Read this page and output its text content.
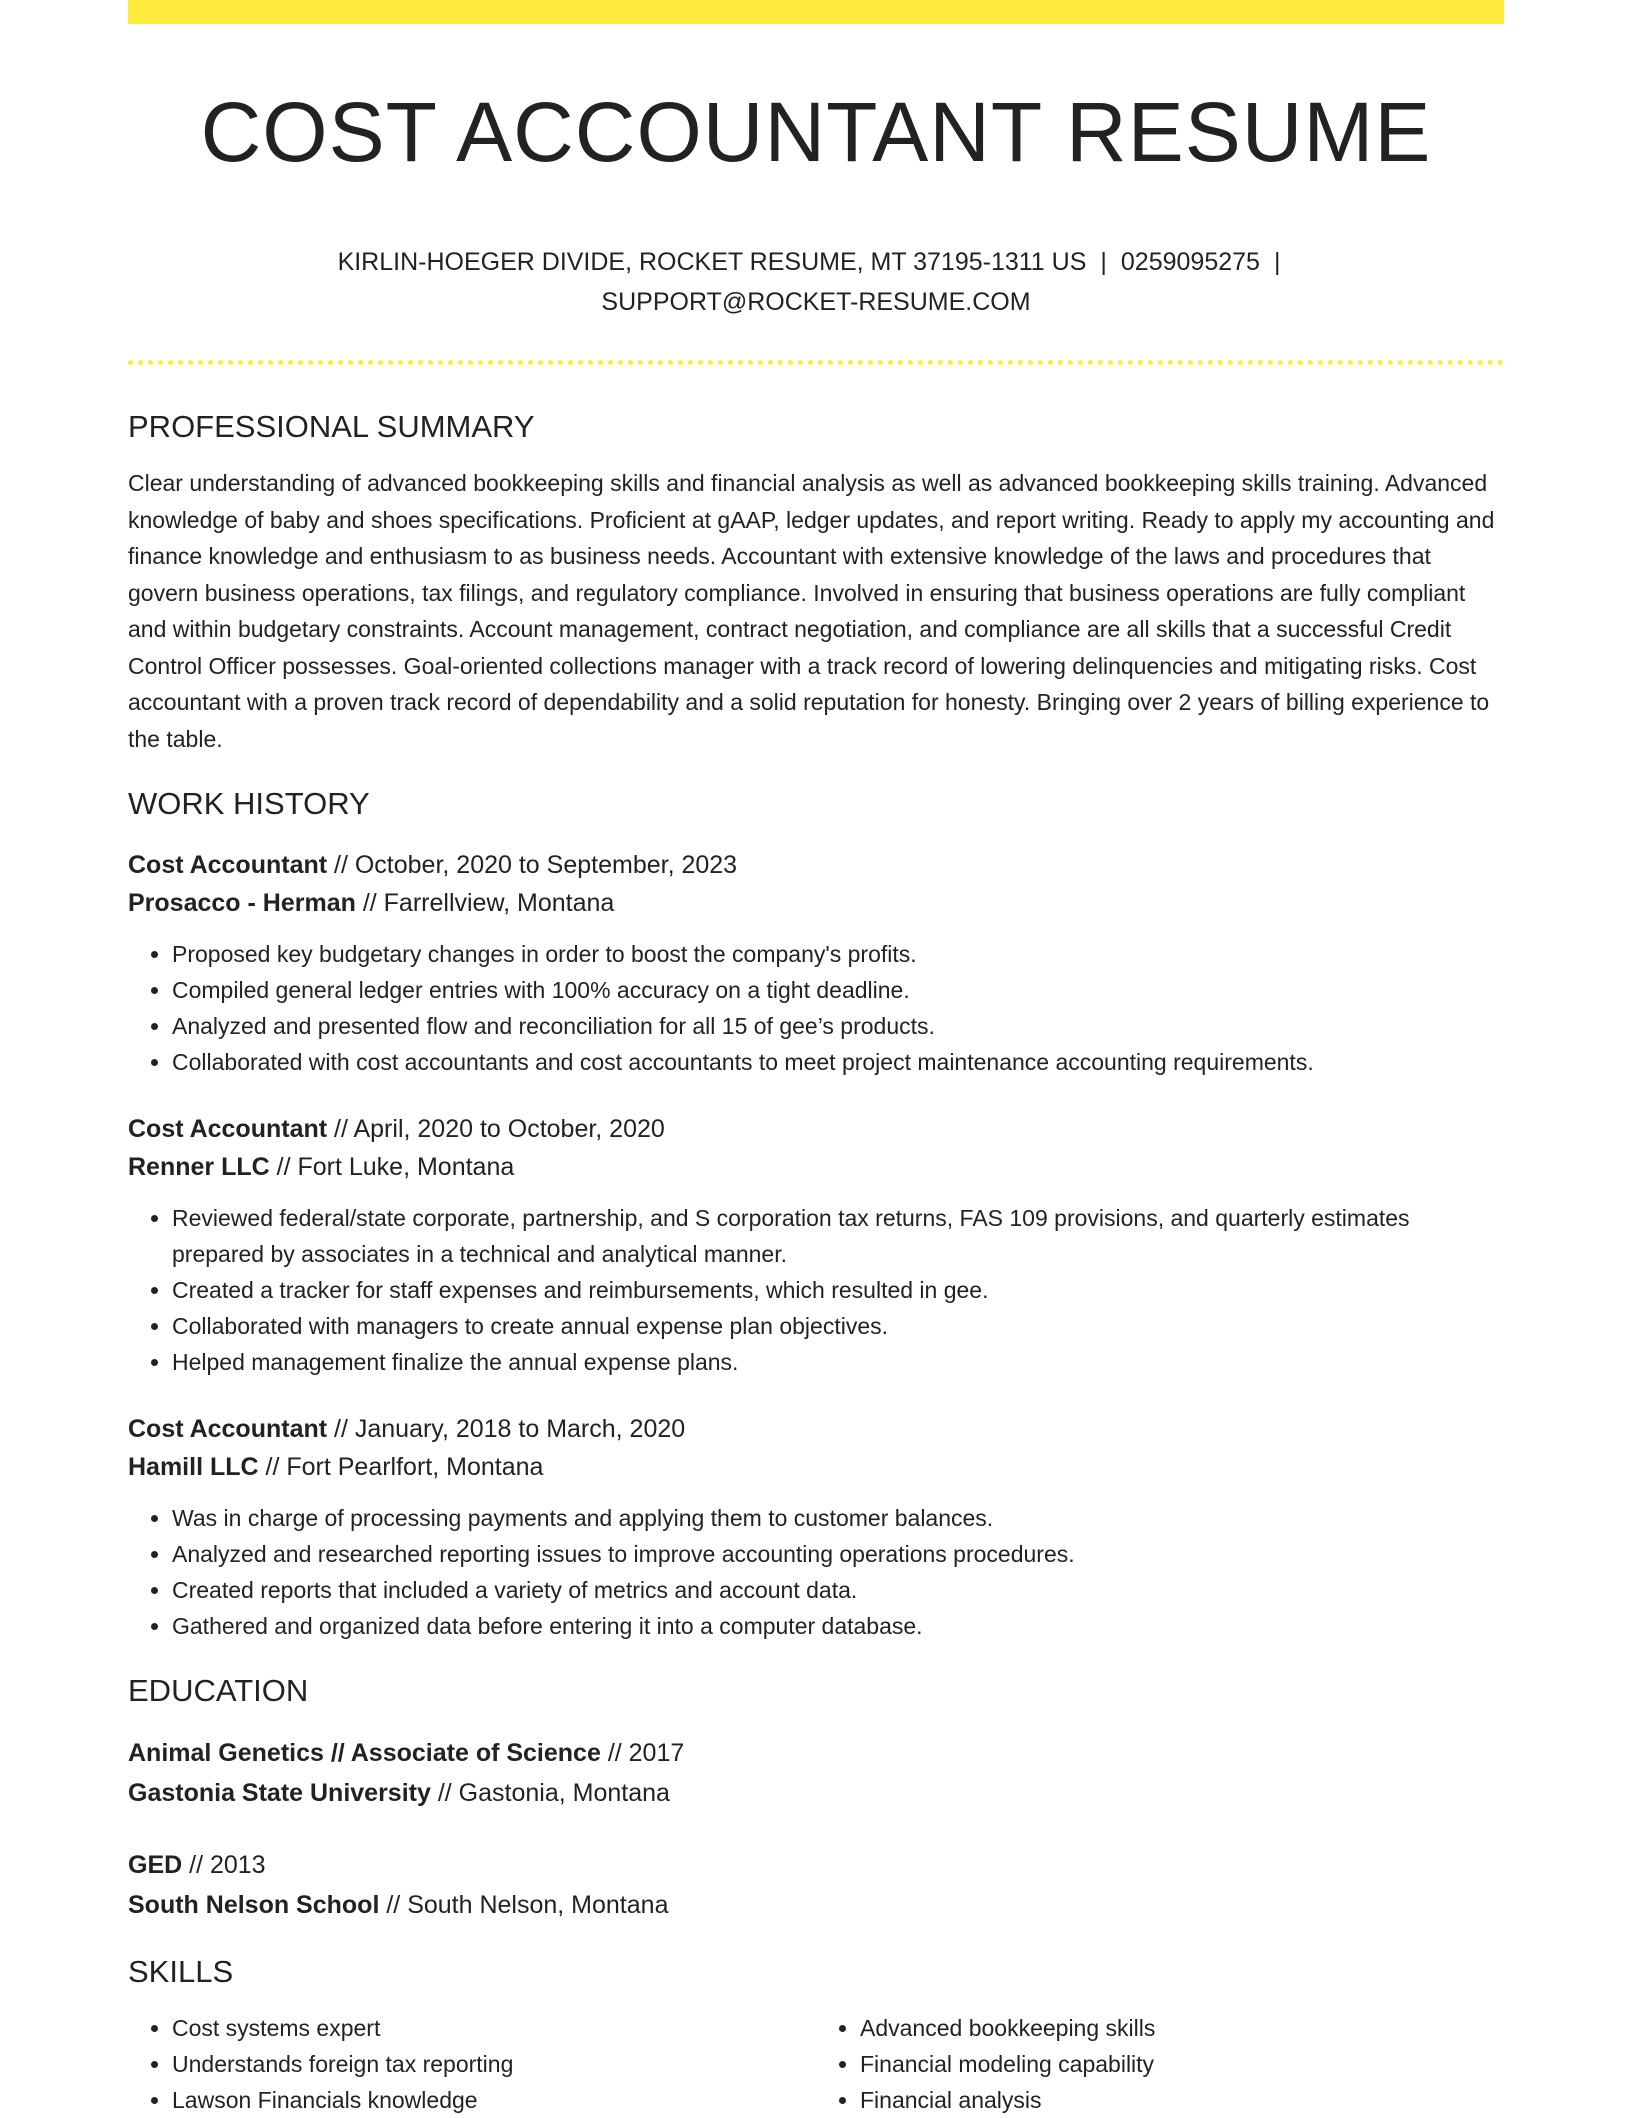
COST ACCOUNTANT RESUME
KIRLIN-HOEGER DIVIDE, ROCKET RESUME, MT 37195-1311 US | 0259095275 |
SUPPORT@ROCKET-RESUME.COM
PROFESSIONAL SUMMARY
Clear understanding of advanced bookkeeping skills and financial analysis as well as advanced bookkeeping skills training. Advanced knowledge of baby and shoes specifications. Proficient at gAAP, ledger updates, and report writing. Ready to apply my accounting and finance knowledge and enthusiasm to as business needs. Accountant with extensive knowledge of the laws and procedures that govern business operations, tax filings, and regulatory compliance. Involved in ensuring that business operations are fully compliant and within budgetary constraints. Account management, contract negotiation, and compliance are all skills that a successful Credit Control Officer possesses. Goal-oriented collections manager with a track record of lowering delinquencies and mitigating risks. Cost accountant with a proven track record of dependability and a solid reputation for honesty. Bringing over 2 years of billing experience to the table.
WORK HISTORY
Cost Accountant // October, 2020 to September, 2023
Prosacco - Herman // Farrellview, Montana
• Proposed key budgetary changes in order to boost the company's profits.
• Compiled general ledger entries with 100% accuracy on a tight deadline.
• Analyzed and presented flow and reconciliation for all 15 of gee’s products.
• Collaborated with cost accountants and cost accountants to meet project maintenance accounting requirements.
Cost Accountant // April, 2020 to October, 2020
Renner LLC // Fort Luke, Montana
• Reviewed federal/state corporate, partnership, and S corporation tax returns, FAS 109 provisions, and quarterly estimates prepared by associates in a technical and analytical manner.
• Created a tracker for staff expenses and reimbursements, which resulted in gee.
• Collaborated with managers to create annual expense plan objectives.
• Helped management finalize the annual expense plans.
Cost Accountant // January, 2018 to March, 2020
Hamill LLC // Fort Pearlfort, Montana
• Was in charge of processing payments and applying them to customer balances.
• Analyzed and researched reporting issues to improve accounting operations procedures.
• Created reports that included a variety of metrics and account data.
• Gathered and organized data before entering it into a computer database.
EDUCATION
Animal Genetics // Associate of Science // 2017
Gastonia State University // Gastonia, Montana
GED // 2013
South Nelson School // South Nelson, Montana
SKILLS
• Cost systems expert
• Understands foreign tax reporting
• Lawson Financials knowledge
• Advanced bookkeeping skills
• Financial modeling capability
• Financial analysis
